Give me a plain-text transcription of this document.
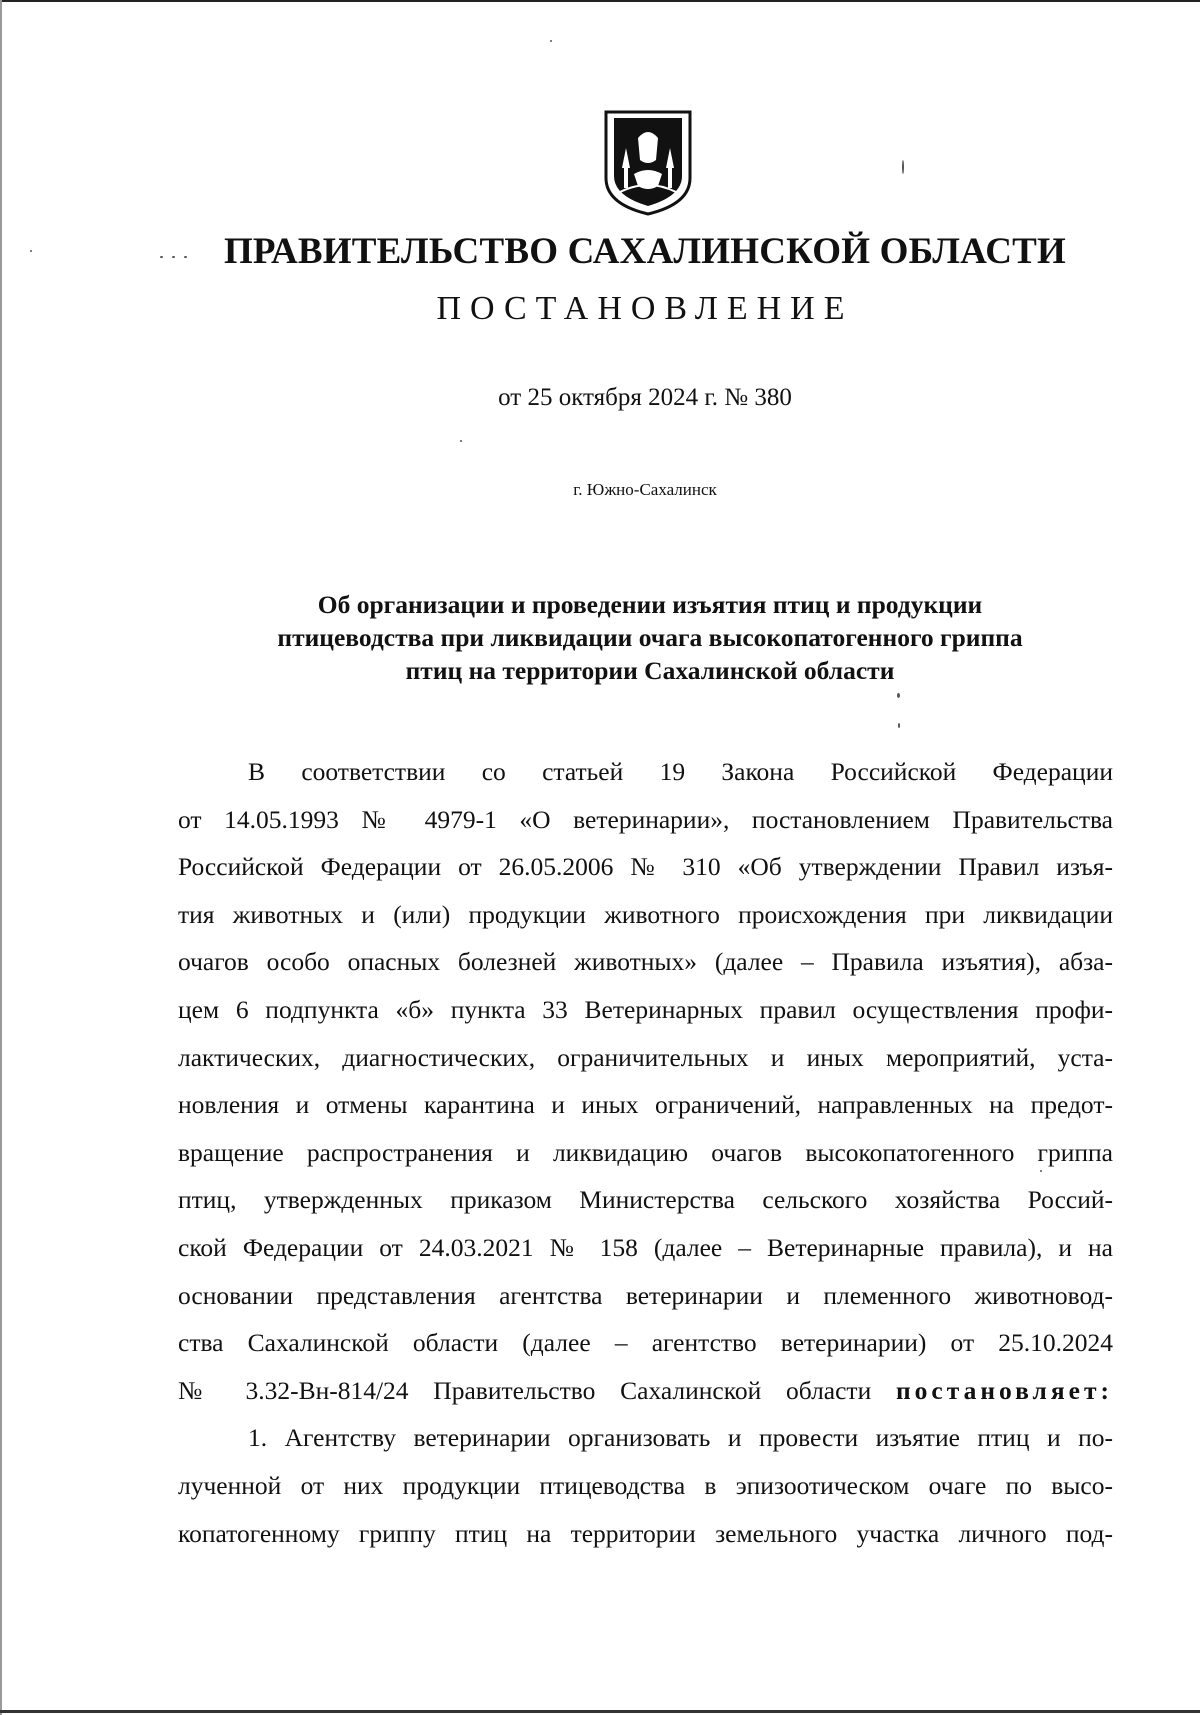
ПРАВИТЕЛЬСТВО САХАЛИНСКОЙ ОБЛАСТИ
ПОСТАНОВЛЕНИЕ
от 25 октября 2024 г. № 380
г. Южно-Сахалинск
Об организации и проведении изъятия птиц и продукции
птицеводства при ликвидации очага высокопатогенного гриппа
птиц на территории Сахалинской области
В соответствии со статьей 19 Закона Российской Федерации
от 14.05.1993 № 4979-1 «О ветеринарии», постановлением Правительства
Российской Федерации от 26.05.2006 № 310 «Об утверждении Правил изъя-
тия животных и (или) продукции животного происхождения при ликвидации
очагов особо опасных болезней животных» (далее – Правила изъятия), абза-
цем 6 подпункта «б» пункта 33 Ветеринарных правил осуществления профи-
лактических, диагностических, ограничительных и иных мероприятий, уста-
новления и отмены карантина и иных ограничений, направленных на предот-
вращение распространения и ликвидацию очагов высокопатогенного гриппа
птиц, утвержденных приказом Министерства сельского хозяйства Россий-
ской Федерации от 24.03.2021 № 158 (далее – Ветеринарные правила), и на
основании представления агентства ветеринарии и племенного животновод-
ства Сахалинской области (далее – агентство ветеринарии) от 25.10.2024
№ 3.32-Вн-814/24 Правительство Сахалинской области постановляет:
1. Агентству ветеринарии организовать и провести изъятие птиц и по-
лученной от них продукции птицеводства в эпизоотическом очаге по высо-
копатогенному гриппу птиц на территории земельного участка личного под-
